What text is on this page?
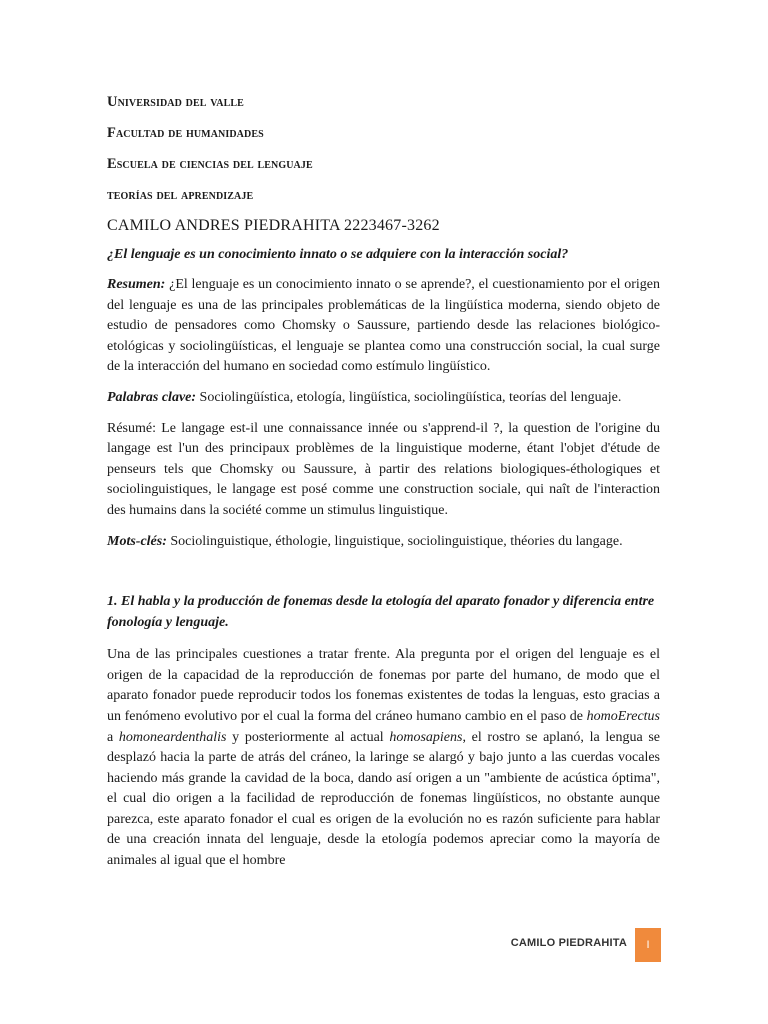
Universidad del valle

Facultad de humanidades

Escuela de ciencias del lenguaje

teorías del aprendizaje

CAMILO ANDRES PIEDRAHITA 2223467-3262

¿El lenguaje es un conocimiento innato o se adquiere con la interacción social?

Resumen: ¿El lenguaje es un conocimiento innato o se aprende?, el cuestionamiento por el origen del lenguaje es una de las principales problemáticas de la lingüística moderna, siendo objeto de estudio de pensadores como Chomsky o Saussure, partiendo desde las relaciones biológico-etológicas y sociolingüísticas, el lenguaje se plantea como una construcción social, la cual surge de la interacción del humano en sociedad como estímulo lingüístico.

Palabras clave: Sociolingüística, etología, lingüística, sociolingüística, teorías del lenguaje.

Résumé: Le langage est-il une connaissance innée ou s'apprend-il ?, la question de l'origine du langage est l'un des principaux problèmes de la linguistique moderne, étant l'objet d'étude de penseurs tels que Chomsky ou Saussure, à partir des relations biologiques-éthologiques et sociolinguistiques, le langage est posé comme une construction sociale, qui naît de l'interaction des humains dans la société comme un stimulus linguistique.

Mots-clés: Sociolinguistique, éthologie, linguistique, sociolinguistique, théories du langage.

1. El habla y la producción de fonemas desde la etología del aparato fonador y diferencia entre fonología y lenguaje.

Una de las principales cuestiones a tratar frente. Ala pregunta por el origen del lenguaje es el origen de la capacidad de la reproducción de fonemas por parte del humano, de modo que el aparato fonador puede reproducir todos los fonemas existentes de todas la lenguas, esto gracias a un fenómeno evolutivo por el cual la forma del cráneo humano cambio en el paso de homoErectus a homoneardenthalis y posteriormente al actual homosapiens, el rostro se aplanó, la lengua se desplazó hacia la parte de atrás del cráneo, la laringe se alargó y bajo junto a las cuerdas vocales haciendo más grande la cavidad de la boca, dando así origen a un "ambiente de acústica óptima", el cual dio origen a la facilidad de reproducción de fonemas lingüísticos, no obstante aunque parezca, este aparato fonador el cual es origen de la evolución no es razón suficiente para hablar de una creación innata del lenguaje, desde la etología podemos apreciar como la mayoría de animales al igual que el hombre

CAMILO PIEDRAHITA	I
